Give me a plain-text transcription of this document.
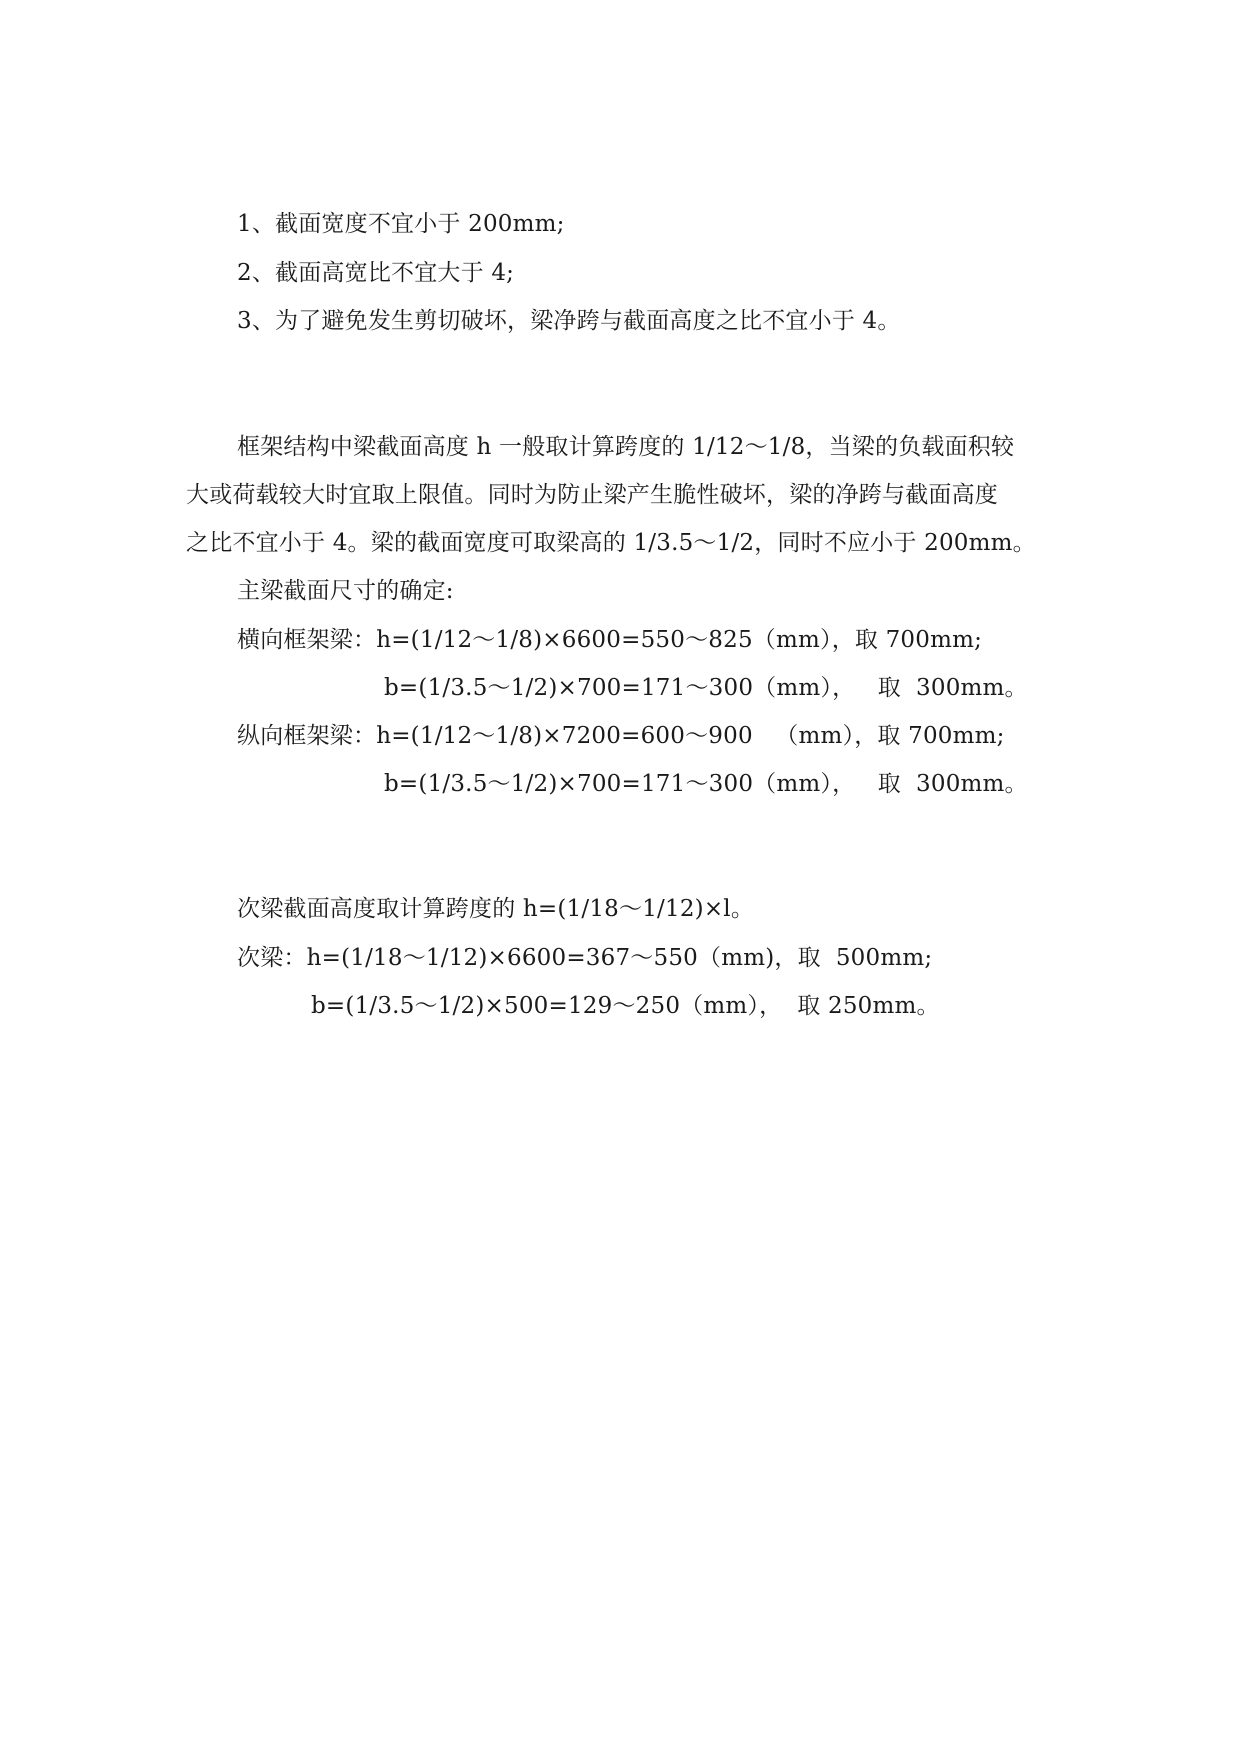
1、截面宽度不宜小于 200mm;
2、截面高宽比不宜大于 4;
3、为了避免发生剪切破坏，梁净跨与截面高度之比不宜小于 4。
框架结构中梁截面高度 h 一般取计算跨度的 1/12～1/8，当梁的负载面积较
大或荷载较大时宜取上限值。同时为防止梁产生脆性破坏，梁的净跨与截面高度
之比不宜小于 4。梁的截面宽度可取梁高的 1/3.5～1/2，同时不应小于 200mm。
主梁截面尺寸的确定:
横向框架梁：h=(1/12～1/8)×6600=550～825（mm），取 700mm;
b=(1/3.5～1/2)×700=171～300（mm），   取  300mm。
纵向框架梁：h=(1/12～1/8)×7200=600～900   （mm），取 700mm;
b=(1/3.5～1/2)×700=171～300（mm），   取  300mm。
次梁截面高度取计算跨度的 h=(1/18～1/12)×l。
次梁：h=(1/18～1/12)×6600=367～550（mm)，取  500mm;
b=(1/3.5～1/2)×500=129～250（mm），  取 250mm。
